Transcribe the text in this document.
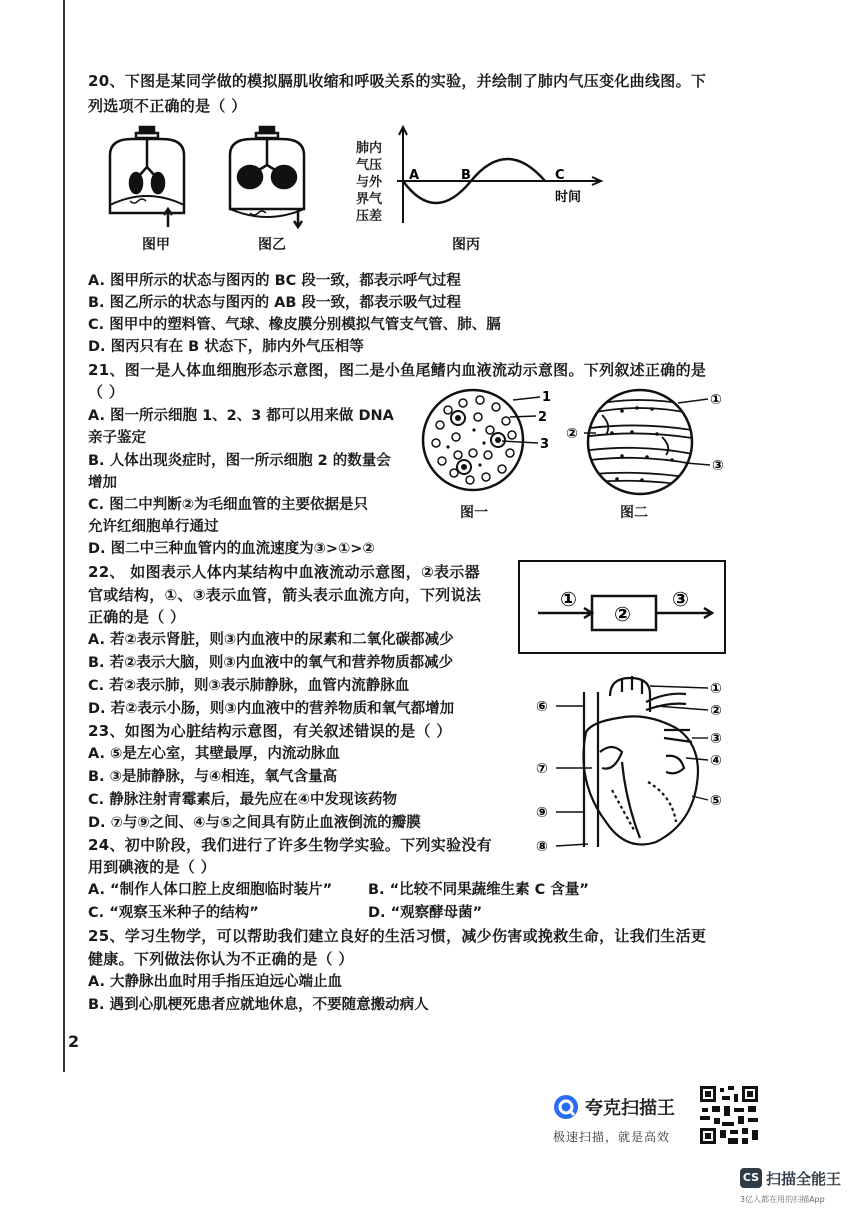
20、下图是某同学做的模拟膈肌收缩和呼吸关系的实验，并绘制了肺内气压变化曲线图。下
列选项不正确的是（ ）
图甲	图乙
肺内
气压
与外
界气
压差
A	B	C
时间
图丙
A. 图甲所示的状态与图丙的 BC 段一致，都表示呼气过程
B. 图乙所示的状态与图丙的 AB 段一致，都表示吸气过程
C. 图甲中的塑料管、气球、橡皮膜分别模拟气管支气管、肺、膈
D. 图丙只有在 B 状态下，肺内外气压相等
21、图一是人体血细胞形态示意图，图二是小鱼尾鳍内血液流动示意图。下列叙述正确的是
（ ）
A. 图一所示细胞 1、2、3 都可以用来做 DNA
亲子鉴定
B. 人体出现炎症时，图一所示细胞 2 的数量会
增加
C. 图二中判断②为毛细血管的主要依据是只
允许红细胞单行通过
D. 图二中三种血管内的血流速度为③>①>②
1
2
3
图一
①
②
③
图二
22、 如图表示人体内某结构中血液流动示意图，②表示器
官或结构，①、③表示血管，箭头表示血流方向，下列说法
正确的是（ ）
①
②
③
A. 若②表示肾脏，则③内血液中的尿素和二氧化碳都减少
B. 若②表示大脑，则③内血液中的氧气和营养物质都减少
C. 若②表示肺，则③表示肺静脉，血管内流静脉血
D. 若②表示小肠，则③内血液中的营养物质和氧气都增加
23、如图为心脏结构示意图，有关叙述错误的是（ ）
A. ⑤是左心室，其壁最厚，内流动脉血
B. ③是肺静脉，与④相连，氧气含量高
C. 静脉注射青霉素后，最先应在④中发现该药物
D. ⑦与⑨之间、④与⑤之间具有防止血液倒流的瓣膜
①
②
③
④
⑤
⑥
⑦
⑧
⑨
24、初中阶段，我们进行了许多生物学实验。下列实验没有
用到碘液的是（ ）
A. “制作人体口腔上皮细胞临时装片” B. “比较不同果蔬维生素 C 含量”
C. “观察玉米种子的结构”	D. “观察酵母菌”
25、学习生物学，可以帮助我们建立良好的生活习惯，减少伤害或挽救生命，让我们生活更
健康。下列做法你认为不正确的是（ ）
A. 大静脉出血时用手指压迫远心端止血
B. 遇到心肌梗死患者应就地休息，不要随意搬动病人
2
夸克扫描王
极速扫描，就是高效
CS 扫描全能王
3亿人都在用的扫描App
